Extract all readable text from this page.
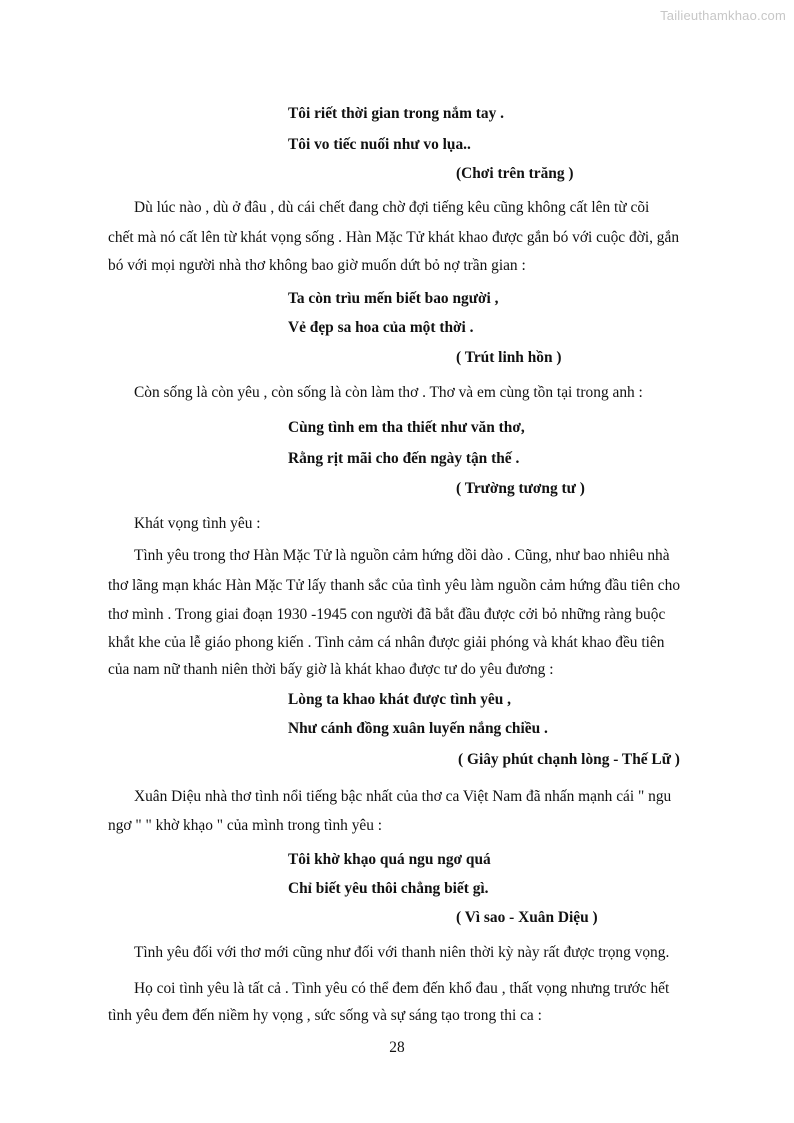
Tailieuthamkhao.com
Tôi riết thời gian trong nắm tay .
Tôi vo tiếc nuối như vo lụa..
(Chơi trên trăng )
Dù lúc nào , dù ở đâu , dù cái chết đang chờ đợi tiếng kêu cũng không cất lên từ cõi
chết mà nó cất lên từ khát vọng sống . Hàn Mặc Tử khát khao được gắn bó với cuộc đời, gắn
bó với mọi người nhà thơ không bao giờ muốn dứt bỏ nợ trần gian :
Ta còn trìu mến biết bao người ,
Vẻ đẹp sa hoa của một thời .
( Trút linh hồn )
Còn sống là còn yêu , còn sống là còn làm thơ . Thơ và em cùng tồn tại trong anh :
Cùng tình em tha thiết như văn thơ,
Rằng rịt mãi cho đến ngày tận thế .
( Trường tương tư )
Khát vọng tình yêu :
Tình yêu trong thơ Hàn Mặc Tử là nguồn cảm hứng dồi dào . Cũng, như bao nhiêu nhà
thơ lãng mạn khác Hàn Mặc Tử lấy thanh sắc của tình yêu làm nguồn cảm hứng đầu tiên cho
thơ mình . Trong giai đoạn 1930 -1945 con người đã bắt đầu được cởi bỏ những ràng buộc
khắt khe của lễ giáo phong kiến . Tình cảm cá nhân được giải phóng và khát khao đều tiên
của nam nữ thanh niên thời bấy giờ là khát khao được tư do yêu đương :
Lòng ta khao khát được tình yêu ,
Như cánh đồng xuân luyến nắng chiều .
( Giây phút chạnh lòng - Thế Lữ )
Xuân Diệu nhà thơ tình nổi tiếng bậc nhất của thơ ca Việt Nam đã nhấn mạnh cái " ngu
ngơ " " khờ khạo " của mình trong tình yêu :
Tôi khờ khạo quá ngu ngơ quá
Chỉ biết yêu thôi chẳng biết gì.
( Vì sao - Xuân Diệu )
Tình yêu đối với thơ mới cũng như đối với thanh niên thời kỳ này rất được trọng vọng.
Họ coi tình yêu là tất cả . Tình yêu có thể đem đến khổ đau , thất vọng nhưng trước hết
tình yêu đem đến niềm hy vọng , sức sống và sự sáng tạo trong thi ca :
28
